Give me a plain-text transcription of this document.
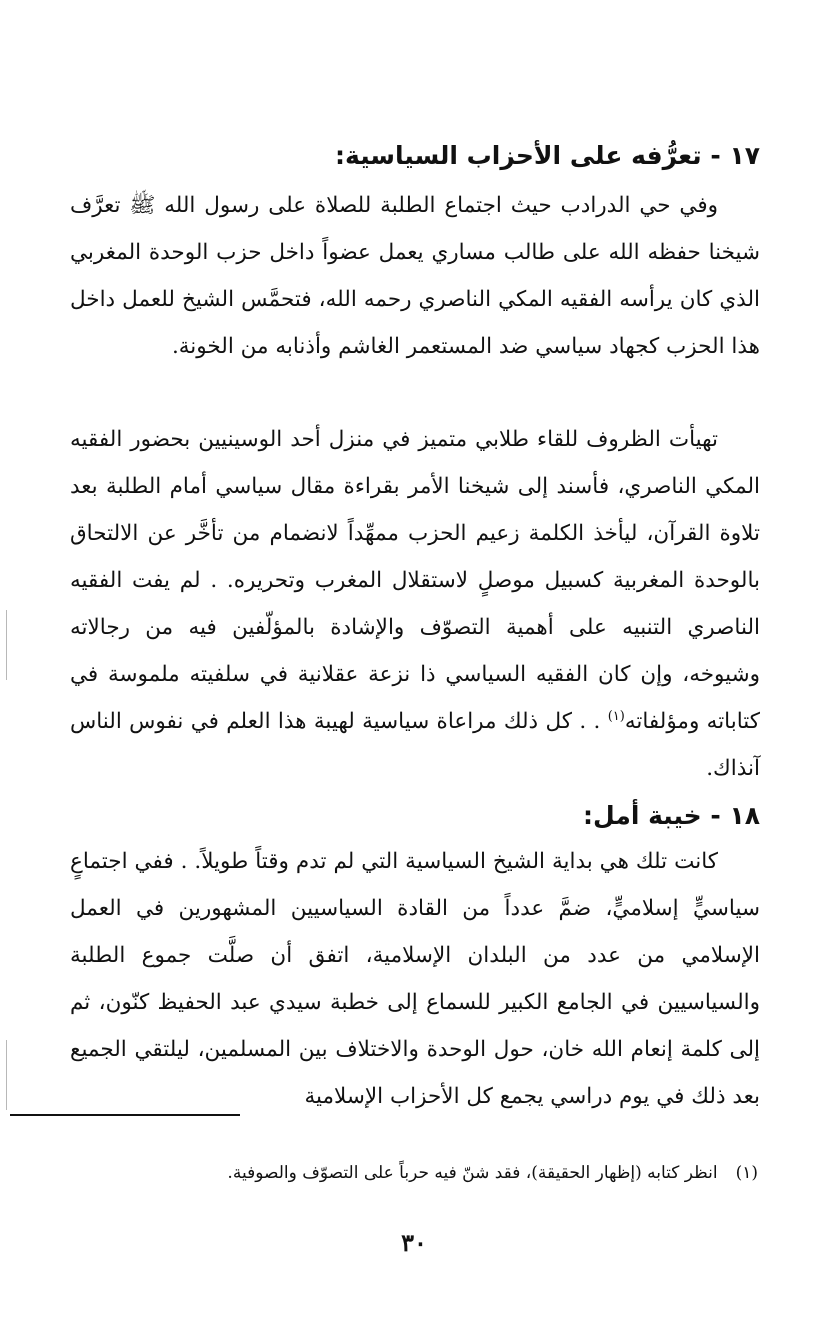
١٧ - تعرُّفه على الأحزاب السياسية:

وفي حي الدرادب حيث اجتماع الطلبة للصلاة على رسول الله ﷺ تعرَّف شيخنا حفظه الله على طالب مساري يعمل عضواً داخل حزب الوحدة المغربي الذي كان يرأسه الفقيه المكي الناصري رحمه الله، فتحمَّس الشيخ للعمل داخل هذا الحزب كجهاد سياسي ضد المستعمر الغاشم وأذنابه من الخونة.

تهيأت الظروف للقاء طلابي متميز في منزل أحد الوسينيين بحضور الفقيه المكي الناصري، فأسند إلى شيخنا الأمر بقراءة مقال سياسي أمام الطلبة بعد تلاوة القرآن، ليأخذ الكلمة زعيم الحزب ممهِّداً لانضمام من تأخَّر عن الالتحاق بالوحدة المغربية كسبيل موصلٍ لاستقلال المغرب وتحريره. . لم يفت الفقيه الناصري التنبيه على أهمية التصوّف والإشادة بالمؤلّفين فيه من رجالاته وشيوخه، وإن كان الفقيه السياسي ذا نزعة عقلانية في سلفيته ملموسة في كتاباته ومؤلفاته$^{(١)}$ . . كل ذلك مراعاة سياسية لهيبة هذا العلم في نفوس الناس آنذاك.

١٨ - خيبة أمل:

كانت تلك هي بداية الشيخ السياسية التي لم تدم وقتاً طويلاً. . ففي اجتماعٍ سياسيٍّ إسلاميٍّ، ضمَّ عدداً من القادة السياسيين المشهورين في العمل الإسلامي من عدد من البلدان الإسلامية، اتفق أن صلَّت جموع الطلبة والسياسيين في الجامع الكبير للسماع إلى خطبة سيدي عبد الحفيظ كنّون، ثم إلى كلمة إنعام الله خان، حول الوحدة والاختلاف بين المسلمين، ليلتقي الجميع بعد ذلك في يوم دراسي يجمع كل الأحزاب الإسلامية

(١)انظر كتابه (إظهار الحقيقة)، فقد شنّ فيه حرباً على التصوّف والصوفية.
٣٠
